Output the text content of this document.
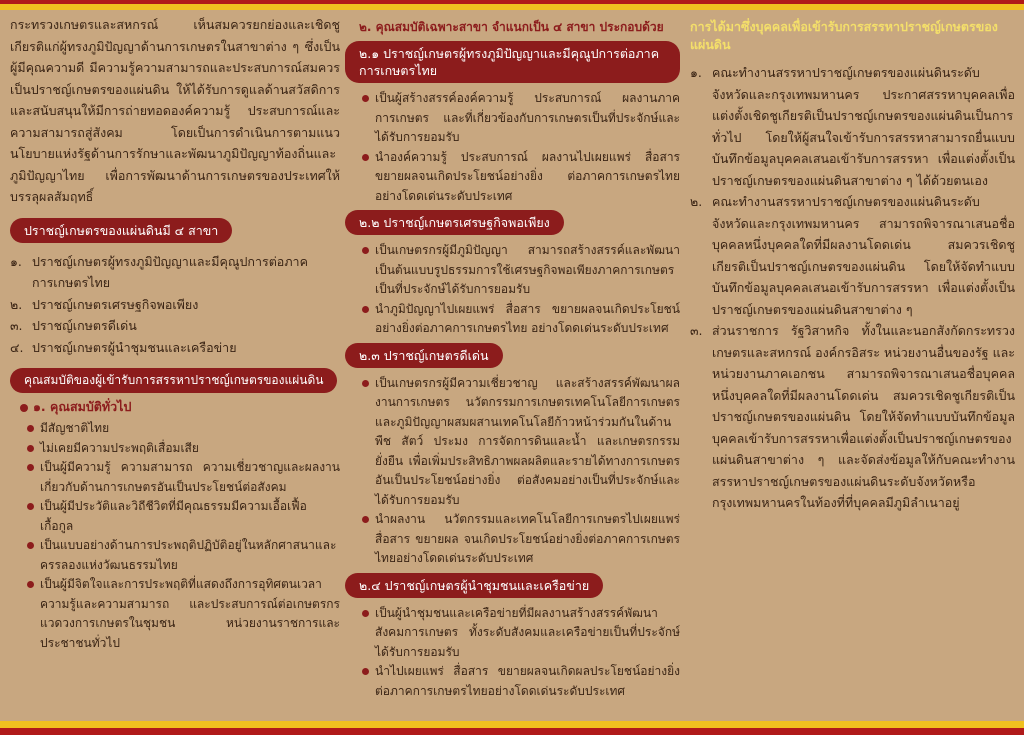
กระทรวงเกษตรและสหกรณ์ เห็นสมควรยกย่องและเชิดชูเกียรติแก่ผู้ทรงภูมิปัญญาด้านการเกษตรในสาขาต่าง ๆ ซึ่งเป็นผู้มีคุณความดี มีความรู้ความสามารถและประสบการณ์สมควรเป็นปราชญ์เกษตรของแผ่นดิน ให้ได้รับการดูแลด้านสวัสดิการและสนับสนุนให้มีการถ่ายทอดองค์ความรู้ ประสบการณ์และความสามารถสู่สังคม โดยเป็นการดำเนินการตามแนวนโยบายแห่งรัฐด้านการรักษาและพัฒนาภูมิปัญญาท้องถิ่นและภูมิปัญญาไทย เพื่อการพัฒนาด้านการเกษตรของประเทศให้บรรลุผลสัมฤทธิ์

ปราชญ์เกษตรของแผ่นดินมี ๔ สาขา
๑. ปราชญ์เกษตรผู้ทรงภูมิปัญญาและมีคุณูปการต่อภาคการเกษตรไทย
๒. ปราชญ์เกษตรเศรษฐกิจพอเพียง
๓. ปราชญ์เกษตรดีเด่น
๔. ปราชญ์เกษตรผู้นำชุมชนและเครือข่าย
คุณสมบัติของผู้เข้ารับการสรรหาปราชญ์เกษตรของแผ่นดิน
๑. คุณสมบัติทั่วไป
มีสัญชาติไทย
ไม่เคยมีความประพฤติเสื่อมเสีย
เป็นผู้มีความรู้ ความสามารถ ความเชี่ยวชาญและผลงานเกี่ยวกับด้านการเกษตรอันเป็นประโยชน์ต่อสังคม
เป็นผู้มีประวัติและวิถีชีวิตที่มีคุณธรรมมีความเอื้อเฟื้อเกื้อกูล
เป็นแบบอย่างด้านการประพฤติปฏิบัติอยู่ในหลักศาสนาและครรลองแห่งวัฒนธรรมไทย
เป็นผู้มีจิตใจและการประพฤติที่แสดงถึงการอุทิศตนเวลา ความรู้และความสามารถ และประสบการณ์ต่อเกษตรกร แวดวงการเกษตรในชุมชน หน่วยงานราชการและประชาชนทั่วไป
๒. คุณสมบัติเฉพาะสาขา จำแนกเป็น ๔ สาขา ประกอบด้วย
๒.๑ ปราชญ์เกษตรผู้ทรงภูมิปัญญาและมีคุณูปการต่อภาคการเกษตรไทย
เป็นผู้สร้างสรรค์องค์ความรู้ ประสบการณ์ ผลงานภาคการเกษตร และที่เกี่ยวข้องกับการเกษตรเป็นที่ประจักษ์และได้รับการยอมรับ
นำองค์ความรู้ ประสบการณ์ ผลงานไปเผยแพร่ สื่อสาร ขยายผลจนเกิดประโยชน์อย่างยิ่ง ต่อภาคการเกษตรไทยอย่างโดดเด่นระดับประเทศ
๒.๒ ปราชญ์เกษตรเศรษฐกิจพอเพียง
เป็นเกษตรกรผู้มีภูมิปัญญา สามารถสร้างสรรค์และพัฒนาเป็นต้นแบบรูปธรรมการใช้เศรษฐกิจพอเพียงภาคการเกษตร เป็นที่ประจักษ์ได้รับการยอมรับ
นำภูมิปัญญาไปเผยแพร่ สื่อสาร ขยายผลจนเกิดประโยชน์อย่างยิ่งต่อภาคการเกษตรไทย อย่างโดดเด่นระดับประเทศ
๒.๓ ปราชญ์เกษตรดีเด่น
เป็นเกษตรกรผู้มีความเชี่ยวชาญ และสร้างสรรค์พัฒนาผลงานการเกษตร นวัตกรรมการเกษตรเทคโนโลยีการเกษตร และภูมิปัญญาผสมผสานเทคโนโลยีก้าวหน้าร่วมกันในด้านพืช สัตว์ ประมง การจัดการดินและน้ำ และเกษตรกรรมยั่งยืน เพื่อเพิ่มประสิทธิภาพผลผลิตและรายได้ทางการเกษตร อันเป็นประโยชน์อย่างยิ่ง ต่อสังคมอย่างเป็นที่ประจักษ์และได้รับการยอมรับ
นำผลงาน นวัตกรรมและเทคโนโลยีการเกษตรไปเผยแพร่ สื่อสาร ขยายผล จนเกิดประโยชน์อย่างยิ่งต่อภาคการเกษตรไทยอย่างโดดเด่นระดับประเทศ
๒.๔ ปราชญ์เกษตรผู้นำชุมชนและเครือข่าย
เป็นผู้นำชุมชนและเครือข่ายที่มีผลงานสร้างสรรค์พัฒนาสังคมการเกษตร ทั้งระดับสังคมและเครือข่ายเป็นที่ประจักษ์ได้รับการยอมรับ
นำไปเผยแพร่ สื่อสาร ขยายผลจนเกิดผลประโยชน์อย่างยิ่งต่อภาคการเกษตรไทยอย่างโดดเด่นระดับประเทศ
การได้มาซึ่งบุคคลเพื่อเข้ารับการสรรหาปราชญ์เกษตรของแผ่นดิน
๑. คณะทำงานสรรหาปราชญ์เกษตรของแผ่นดินระดับจังหวัดและกรุงเทพมหานคร ประกาศสรรหาบุคคลเพื่อแต่งตั้งเชิดชูเกียรติเป็นปราชญ์เกษตรของแผ่นดินเป็นการทั่วไป โดยให้ผู้สนใจเข้ารับการสรรหาสามารถยื่นแบบบันทึกข้อมูลบุคคลเสนอเข้ารับการสรรหา เพื่อแต่งตั้งเป็นปราชญ์เกษตรของแผ่นดินสาขาต่าง ๆ ได้ด้วยตนเอง
๒. คณะทำงานสรรหาปราชญ์เกษตรของแผ่นดินระดับจังหวัดและกรุงเทพมหานคร สามารถพิจารณาเสนอชื่อบุคคลหนึ่งบุคคลใดที่มีผลงานโดดเด่น สมควรเชิดชูเกียรติเป็นปราชญ์เกษตรของแผ่นดิน โดยให้จัดทำแบบบันทึกข้อมูลบุคคลเสนอเข้ารับการสรรหา เพื่อแต่งตั้งเป็นปราชญ์เกษตรของแผ่นดินสาขาต่าง ๆ
๓. ส่วนราชการ รัฐวิสาหกิจ ทั้งในและนอกสังกัดกระทรวงเกษตรและสหกรณ์ องค์กรอิสระ หน่วยงานอื่นของรัฐ และหน่วยงานภาคเอกชน สามารถพิจารณาเสนอชื่อบุคคลหนึ่งบุคคลใดที่มีผลงานโดดเด่น สมควรเชิดชูเกียรติเป็นปราชญ์เกษตรของแผ่นดิน โดยให้จัดทำแบบบันทึกข้อมูลบุคคลเข้ารับการสรรหาเพื่อแต่งตั้งเป็นปราชญ์เกษตรของแผ่นดินสาขาต่าง ๆ และจัดส่งข้อมูลให้กับคณะทำงานสรรหาปราชญ์เกษตรของแผ่นดินระดับจังหวัดหรือกรุงเทพมหานครในท้องที่ที่บุคคลมีภูมิลำเนาอยู่
